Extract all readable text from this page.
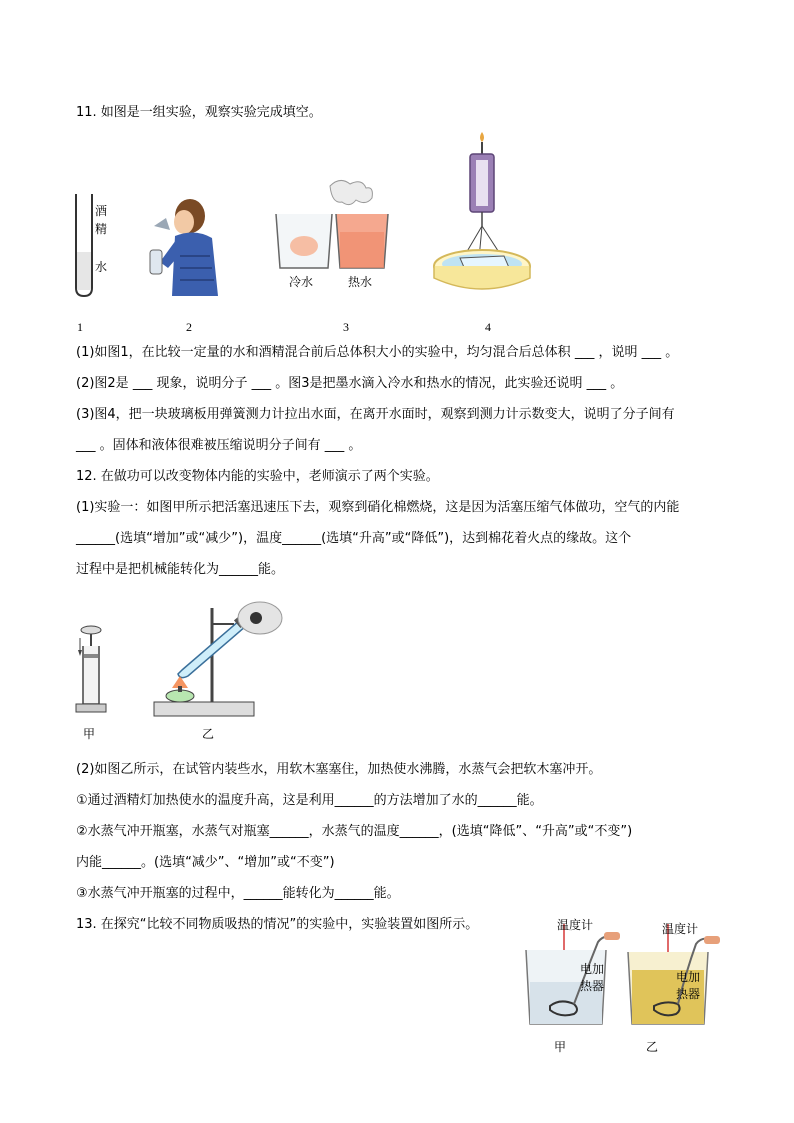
11. 如图是一组实验，观察实验完成填空。
酒
精
水
冷水	热水
1	2	3	4
(1)如图1，在比较一定量的水和酒精混合前后总体积大小的实验中，均匀混合后总体积 ___ ，说明 ___ 。
(2)图2是 ___ 现象，说明分子 ___ 。图3是把墨水滴入冷水和热水的情况，此实验还说明 ___ 。
(3)图4，把一块玻璃板用弹簧测力计拉出水面，在离开水面时，观察到测力计示数变大，说明了分子间有
___ 。固体和液体很难被压缩说明分子间有 ___ 。
12. 在做功可以改变物体内能的实验中，老师演示了两个实验。
(1)实验一：如图甲所示把活塞迅速压下去，观察到硝化棉燃烧，这是因为活塞压缩气体做功，空气的内能
______(选填“增加”或“减少”)，温度______(选填“升高”或“降低”)，达到棉花着火点的缘故。这个
过程中是把机械能转化为______能。
甲	乙
(2)如图乙所示，在试管内装些水，用软木塞塞住，加热使水沸腾，水蒸气会把软木塞冲开。
①通过酒精灯加热使水的温度升高，这是利用______的方法增加了水的______能。
②水蒸气冲开瓶塞，水蒸气对瓶塞______，水蒸气的温度______，(选填“降低”、“升高”或“不变”)
内能______。(选填“减少”、“增加”或“不变”)
③水蒸气冲开瓶塞的过程中，______能转化为______能。
13. 在探究“比较不同物质吸热的情况”的实验中，实验装置如图所示。	温度计	温度计
电加
热器
电加
热器
甲	乙
